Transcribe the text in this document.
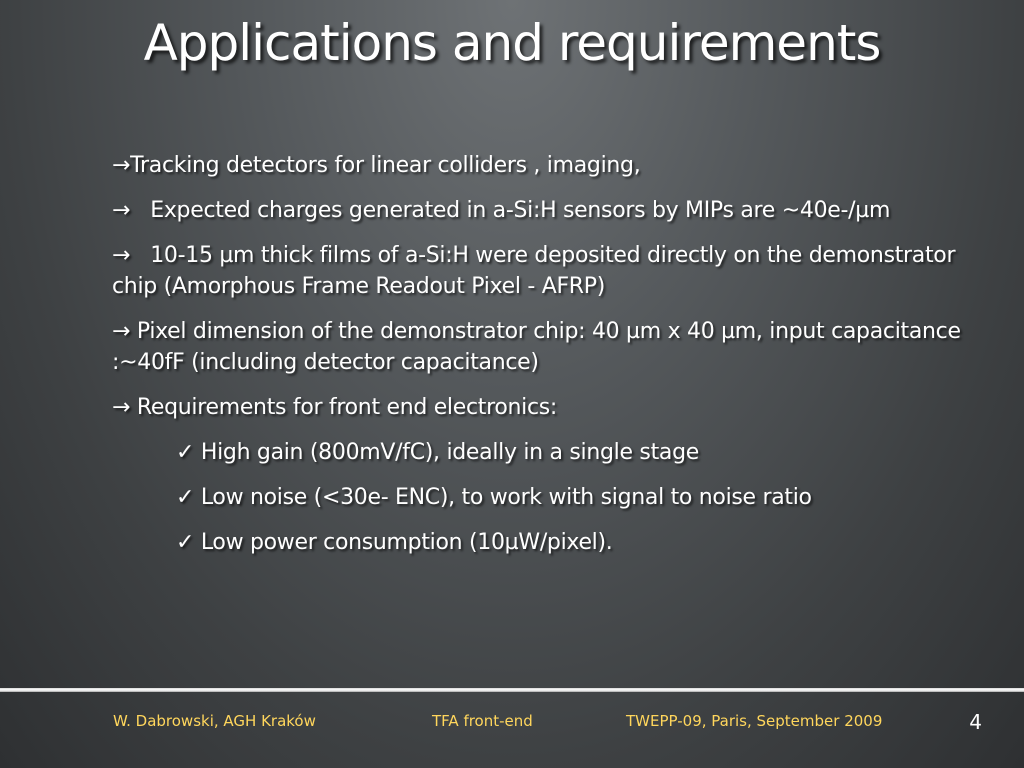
Applications and requirements
→Tracking detectors for linear colliders , imaging,
→ Expected charges generated in a-Si:H sensors by MIPs are ~40e-/µm
→ 10-15 µm thick films of a-Si:H were deposited directly on the demonstrator chip (Amorphous Frame Readout Pixel - AFRP)
→ Pixel dimension of the demonstrator chip: 40 µm x 40 µm, input capacitance :~40fF (including detector capacitance)
→ Requirements for front end electronics:
✓ High gain (800mV/fC), ideally in a single stage
✓ Low noise (<30e- ENC), to work with signal to noise ratio
✓ Low power consumption (10µW/pixel).
W. Dabrowski, AGH Kraków	TFA front-end	TWEPP-09, Paris, September 2009	4
